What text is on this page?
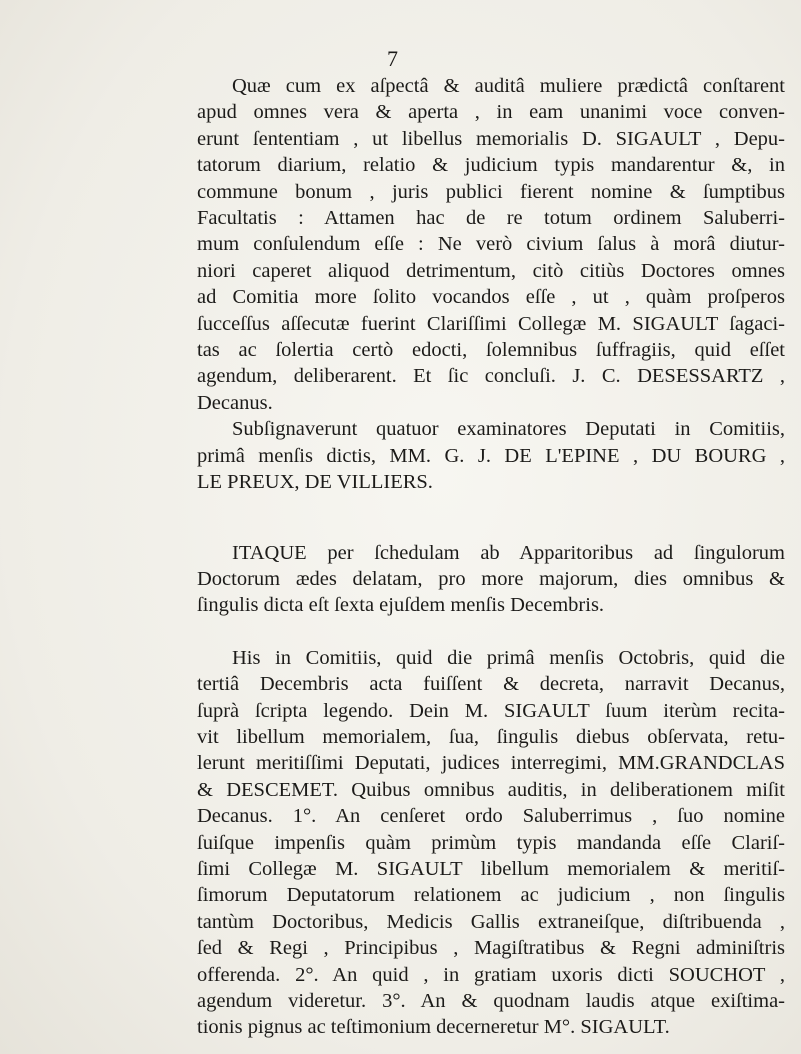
7
Quæ cum ex aſpectâ & auditâ muliere prædictâ conſtarent
apud omnes vera & aperta , in eam unanimi voce conven-
erunt ſententiam , ut libellus memorialis D. SIGAULT , Depu-
tatorum diarium, relatio & judicium typis mandarentur &, in
commune bonum , juris publici fierent nomine & ſumptibus
Facultatis : Attamen hac de re totum ordinem Saluberri-
mum conſulendum eſſe : Ne verò civium ſalus à morâ diutur-
niori caperet aliquod detrimentum, citò citiùs Doctores omnes
ad Comitia more ſolito vocandos eſſe , ut , quàm proſperos
ſucceſſus aſſecutæ fuerint Clariſſimi Collegæ M. SIGAULT ſagaci-
tas ac ſolertia certò edocti, ſolemnibus ſuffragiis, quid eſſet
agendum, deliberarent. Et ſic concluſi. J. C. DESESSARTZ ,
Decanus.
Subſignaverunt quatuor examinatores Deputati in Comitiis,
primâ menſis dictis, MM. G. J. DE L'EPINE , DU BOURG ,
LE PREUX, DE VILLIERS.
ITAQUE per ſchedulam ab Apparitoribus ad ſingulorum
Doctorum ædes delatam, pro more majorum, dies omnibus &
ſingulis dicta eſt ſexta ejuſdem menſis Decembris.
His in Comitiis, quid die primâ menſis Octobris, quid die
tertiâ Decembris acta fuiſſent & decreta, narravit Decanus,
ſuprà ſcripta legendo. Dein M. SIGAULT ſuum iterùm recita-
vit libellum memorialem, ſua, ſingulis diebus obſervata, retu-
lerunt meritiſſimi Deputati, judices interregimi, MM.GRANDCLAS
& DESCEMET. Quibus omnibus auditis, in deliberationem miſit
Decanus. 1°. An cenſeret ordo Saluberrimus , ſuo nomine
ſuiſque impenſis quàm primùm typis mandanda eſſe Clariſ-
ſimi Collegæ M. SIGAULT libellum memorialem & meritiſ-
ſimorum Deputatorum relationem ac judicium , non ſingulis
tantùm Doctoribus, Medicis Gallis extraneiſque, diſtribuenda ,
ſed & Regi , Principibus , Magiſtratibus & Regni adminiſtris
offerenda. 2°. An quid , in gratiam uxoris dicti SOUCHOT ,
agendum videretur. 3°. An & quodnam laudis atque exiſtima-
tionis pignus ac teſtimonium decerneretur M°. SIGAULT.
